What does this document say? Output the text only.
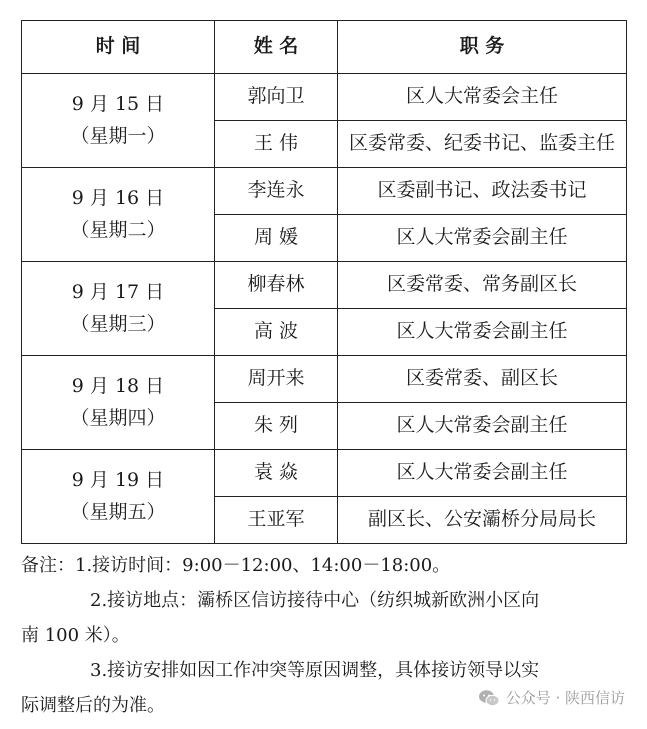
时 间	姓 名	职 务

9 月 15 日
（星期一）	郭向卫	区人大常委会主任
	王 伟	区委常委、纪委书记、监委主任

9 月 16 日
（星期二）	李连永	区委副书记、政法委书记
	周 媛	区人大常委会副主任

9 月 17 日
（星期三）	柳春林	区委常委、常务副区长
	高 波	区人大常委会副主任

9 月 18 日
（星期四）	周开来	区委常委、副区长
	朱 列	区人大常委会副主任

9 月 19 日
（星期五）	袁 焱	区人大常委会副主任
	王亚军	副区长、公安灞桥分局局长

备注：1.接访时间：9:00－12:00、14:00－18:00。

2.接访地点：灞桥区信访接待中心（纺织城新欧洲小区向

南 100 米）。

3.接访安排如因工作冲突等原因调整，具体接访领导以实

际调整后的为准。	公众号 · 陕西信访
